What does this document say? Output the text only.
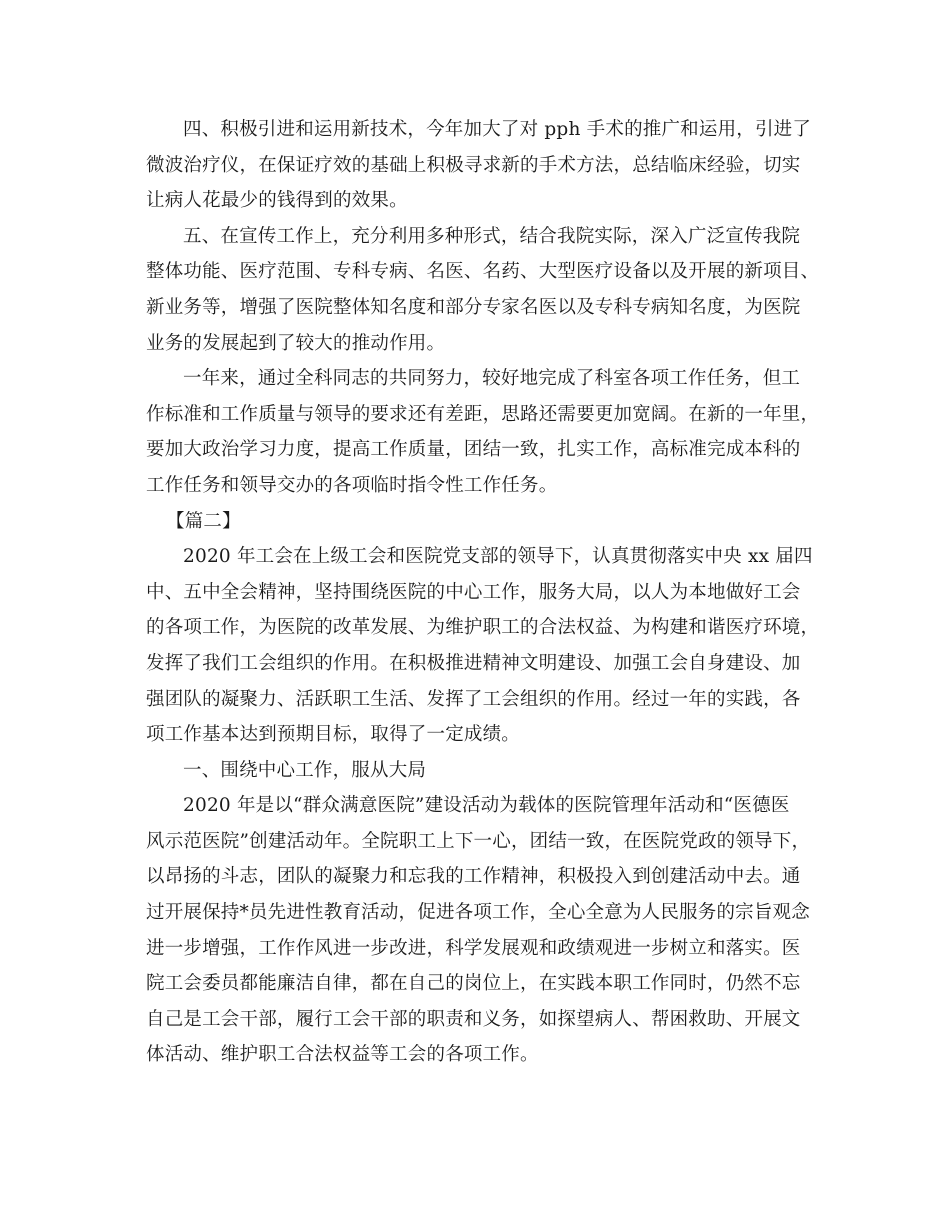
四、积极引进和运用新技术，今年加大了对 pph 手术的推广和运用，引进了
微波治疗仪，在保证疗效的基础上积极寻求新的手术方法，总结临床经验，切实
让病人花最少的钱得到的效果。
五、在宣传工作上，充分利用多种形式，结合我院实际，深入广泛宣传我院
整体功能、医疗范围、专科专病、名医、名药、大型医疗设备以及开展的新项目、
新业务等，增强了医院整体知名度和部分专家名医以及专科专病知名度，为医院
业务的发展起到了较大的推动作用。
一年来，通过全科同志的共同努力，较好地完成了科室各项工作任务，但工
作标准和工作质量与领导的要求还有差距，思路还需要更加宽阔。在新的一年里，
要加大政治学习力度，提高工作质量，团结一致，扎实工作，高标准完成本科的
工作任务和领导交办的各项临时指令性工作任务。
【篇二】
2020 年工会在上级工会和医院党支部的领导下，认真贯彻落实中央 xx 届四
中、五中全会精神，坚持围绕医院的中心工作，服务大局，以人为本地做好工会
的各项工作，为医院的改革发展、为维护职工的合法权益、为构建和谐医疗环境，
发挥了我们工会组织的作用。在积极推进精神文明建设、加强工会自身建设、加
强团队的凝聚力、活跃职工生活、发挥了工会组织的作用。经过一年的实践，各
项工作基本达到预期目标，取得了一定成绩。
一、围绕中心工作，服从大局
2020 年是以“群众满意医院”建设活动为载体的医院管理年活动和“医德医
风示范医院”创建活动年。全院职工上下一心，团结一致，在医院党政的领导下，
以昂扬的斗志，团队的凝聚力和忘我的工作精神，积极投入到创建活动中去。通
过开展保持*员先进性教育活动，促进各项工作，全心全意为人民服务的宗旨观念
进一步增强，工作作风进一步改进，科学发展观和政绩观进一步树立和落实。医
院工会委员都能廉洁自律，都在自己的岗位上，在实践本职工作同时，仍然不忘
自己是工会干部，履行工会干部的职责和义务，如探望病人、帮困救助、开展文
体活动、维护职工合法权益等工会的各项工作。
